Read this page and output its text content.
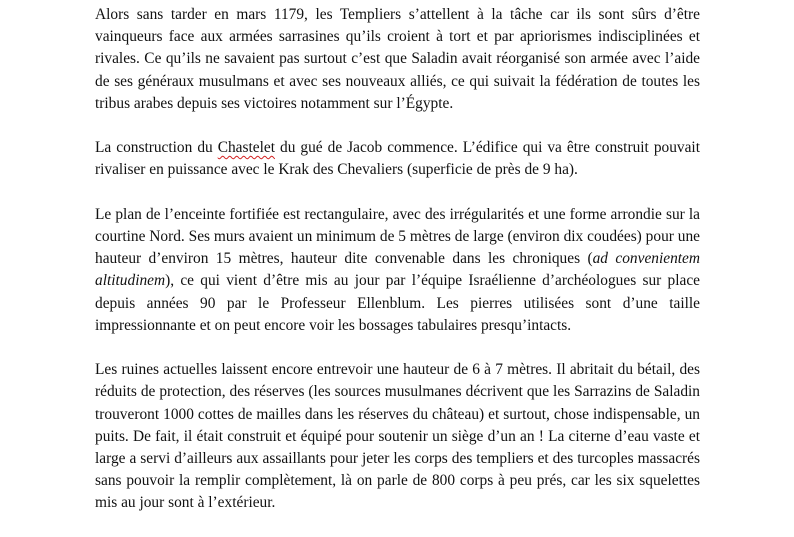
Alors sans tarder en mars 1179, les Templiers s’attellent à la tâche car ils sont sûrs d’être vainqueurs face aux armées sarrasines qu’ils croient à tort et par apriorismes indisciplinées et rivales. Ce qu’ils ne savaient pas surtout c’est que Saladin avait réorganisé son armée avec l’aide de ses généraux musulmans et avec ses nouveaux alliés, ce qui suivait la fédération de toutes les tribus arabes depuis ses victoires notamment sur l’Égypte.

La construction du Chastelet du gué de Jacob commence. L’édifice qui va être construit pouvait rivaliser en puissance avec le Krak des Chevaliers (superficie de près de 9 ha).

Le plan de l’enceinte fortifiée est rectangulaire, avec des irrégularités et une forme arrondie sur la courtine Nord. Ses murs avaient un minimum de 5 mètres de large (environ dix coudées) pour une hauteur d’environ 15 mètres, hauteur dite convenable dans les chroniques (ad convenientem altitudinem), ce qui vient d’être mis au jour par l’équipe Israélienne d’archéologues sur place depuis années 90 par le Professeur Ellenblum. Les pierres utilisées sont d’une taille impressionnante et on peut encore voir les bossages tabulaires presqu’intacts.

Les ruines actuelles laissent encore entrevoir une hauteur de 6 à 7 mètres. Il abritait du bétail, des réduits de protection, des réserves (les sources musulmanes décrivent que les Sarrazins de Saladin trouveront 1000 cottes de mailles dans les réserves du château) et surtout, chose indispensable, un puits. De fait, il était construit et équipé pour soutenir un siège d’un an ! La citerne d’eau vaste et large a servi d’ailleurs aux assaillants pour jeter les corps des templiers et des turcoples massacrés sans pouvoir la remplir complètement, là on parle de 800 corps à peu prés, car les six squelettes mis au jour sont à l’extérieur.
